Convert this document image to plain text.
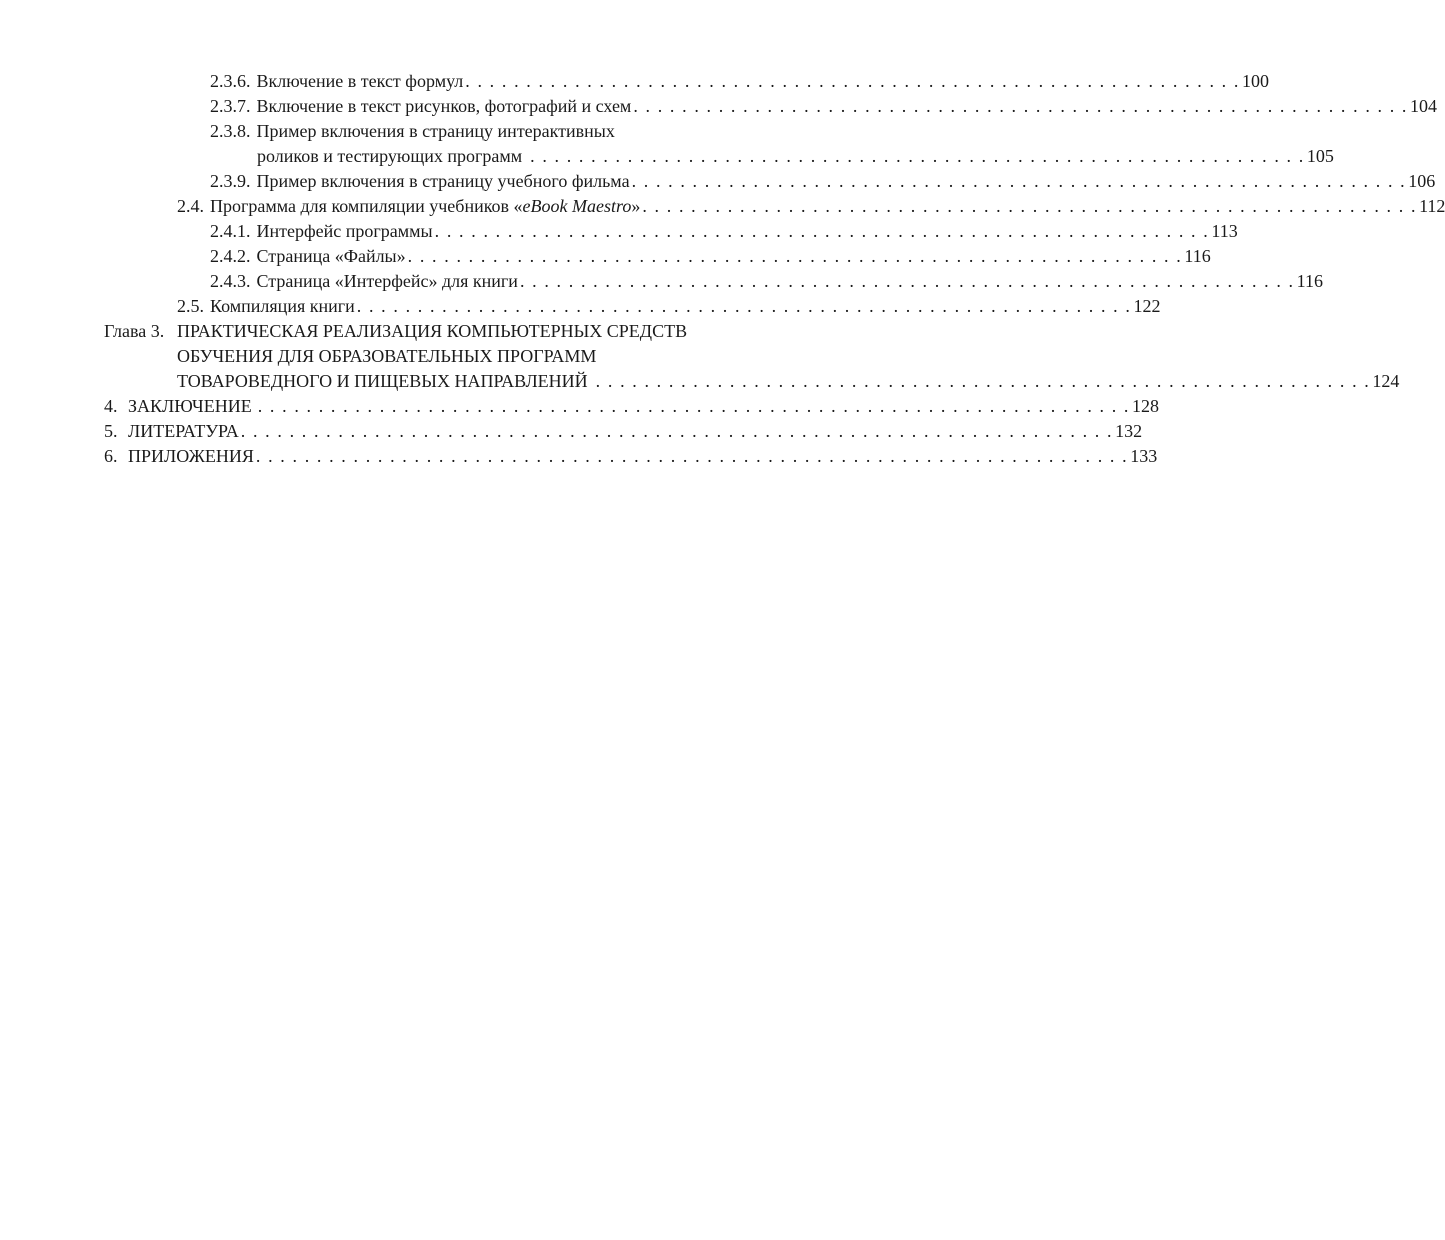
2.3.6. Включение в текст формул . . . . . . . . . . . . . . . . . . . . . . . . . . . . . . . . . . . . . . . . . . . . . . . . . . . . . . . . . . . . . . . . 100
2.3.7. Включение в текст рисунков, фотографий и схем . . . . . . . . . . . . . . . . . . . . . . . . . . . . . . . . . . . . . . . . . . . . . . . . . . . . . . . . . . . . . . . . 104
2.3.8. Пример включения в страницу интерактивных
роликов и тестирующих программ . . . . . . . . . . . . . . . . . . . . . . . . . . . . . . . . . . . . . . . . . . . . . . . . . . . . . . . . . . . . . . . . 105
2.3.9. Пример включения в страницу учебного фильма . . . . . . . . . . . . . . . . . . . . . . . . . . . . . . . . . . . . . . . . . . . . . . . . . . . . . . . . . . . . . . . . 106
2.4. Программа для компиляции учебников «eBook Maestro» . . . . . . . . . . . . . . . . . . . . . . . . . . . . . . . . . . . . . . . . . . . . . . . . . . . . . . . . . . . . . . . . 112
2.4.1. Интерфейс программы . . . . . . . . . . . . . . . . . . . . . . . . . . . . . . . . . . . . . . . . . . . . . . . . . . . . . . . . . . . . . . . . 113
2.4.2. Страница «Файлы» . . . . . . . . . . . . . . . . . . . . . . . . . . . . . . . . . . . . . . . . . . . . . . . . . . . . . . . . . . . . . . . . 116
2.4.3. Страница «Интерфейс» для книги . . . . . . . . . . . . . . . . . . . . . . . . . . . . . . . . . . . . . . . . . . . . . . . . . . . . . . . . . . . . . . . . 116
2.5. Компиляция книги . . . . . . . . . . . . . . . . . . . . . . . . . . . . . . . . . . . . . . . . . . . . . . . . . . . . . . . . . . . . . . . . 122
Глава 3. ПРАКТИЧЕСКАЯ РЕАЛИЗАЦИЯ КОМПЬЮТЕРНЫХ СРЕДСТВ
ОБУЧЕНИЯ ДЛЯ ОБРАЗОВАТЕЛЬНЫХ ПРОГРАММ
ТОВАРОВЕДНОГО И ПИЩЕВЫХ НАПРАВЛЕНИЙ . . . . . . . . . . . . . . . . . . . . . . . . . . . . . . . . . . . . . . . . . . . . . . . . . . . . . . . . . . . . . . . . 124
4. ЗАКЛЮЧЕНИЕ . . . . . . . . . . . . . . . . . . . . . . . . . . . . . . . . . . . . . . . . . . . . . . . . . . . . . . . . . . . . . . . . . . . . . . . . 128
5. ЛИТЕРАТУРА . . . . . . . . . . . . . . . . . . . . . . . . . . . . . . . . . . . . . . . . . . . . . . . . . . . . . . . . . . . . . . . . . . . . . . . . 132
6. ПРИЛОЖЕНИЯ . . . . . . . . . . . . . . . . . . . . . . . . . . . . . . . . . . . . . . . . . . . . . . . . . . . . . . . . . . . . . . . . . . . . . . . . 133
